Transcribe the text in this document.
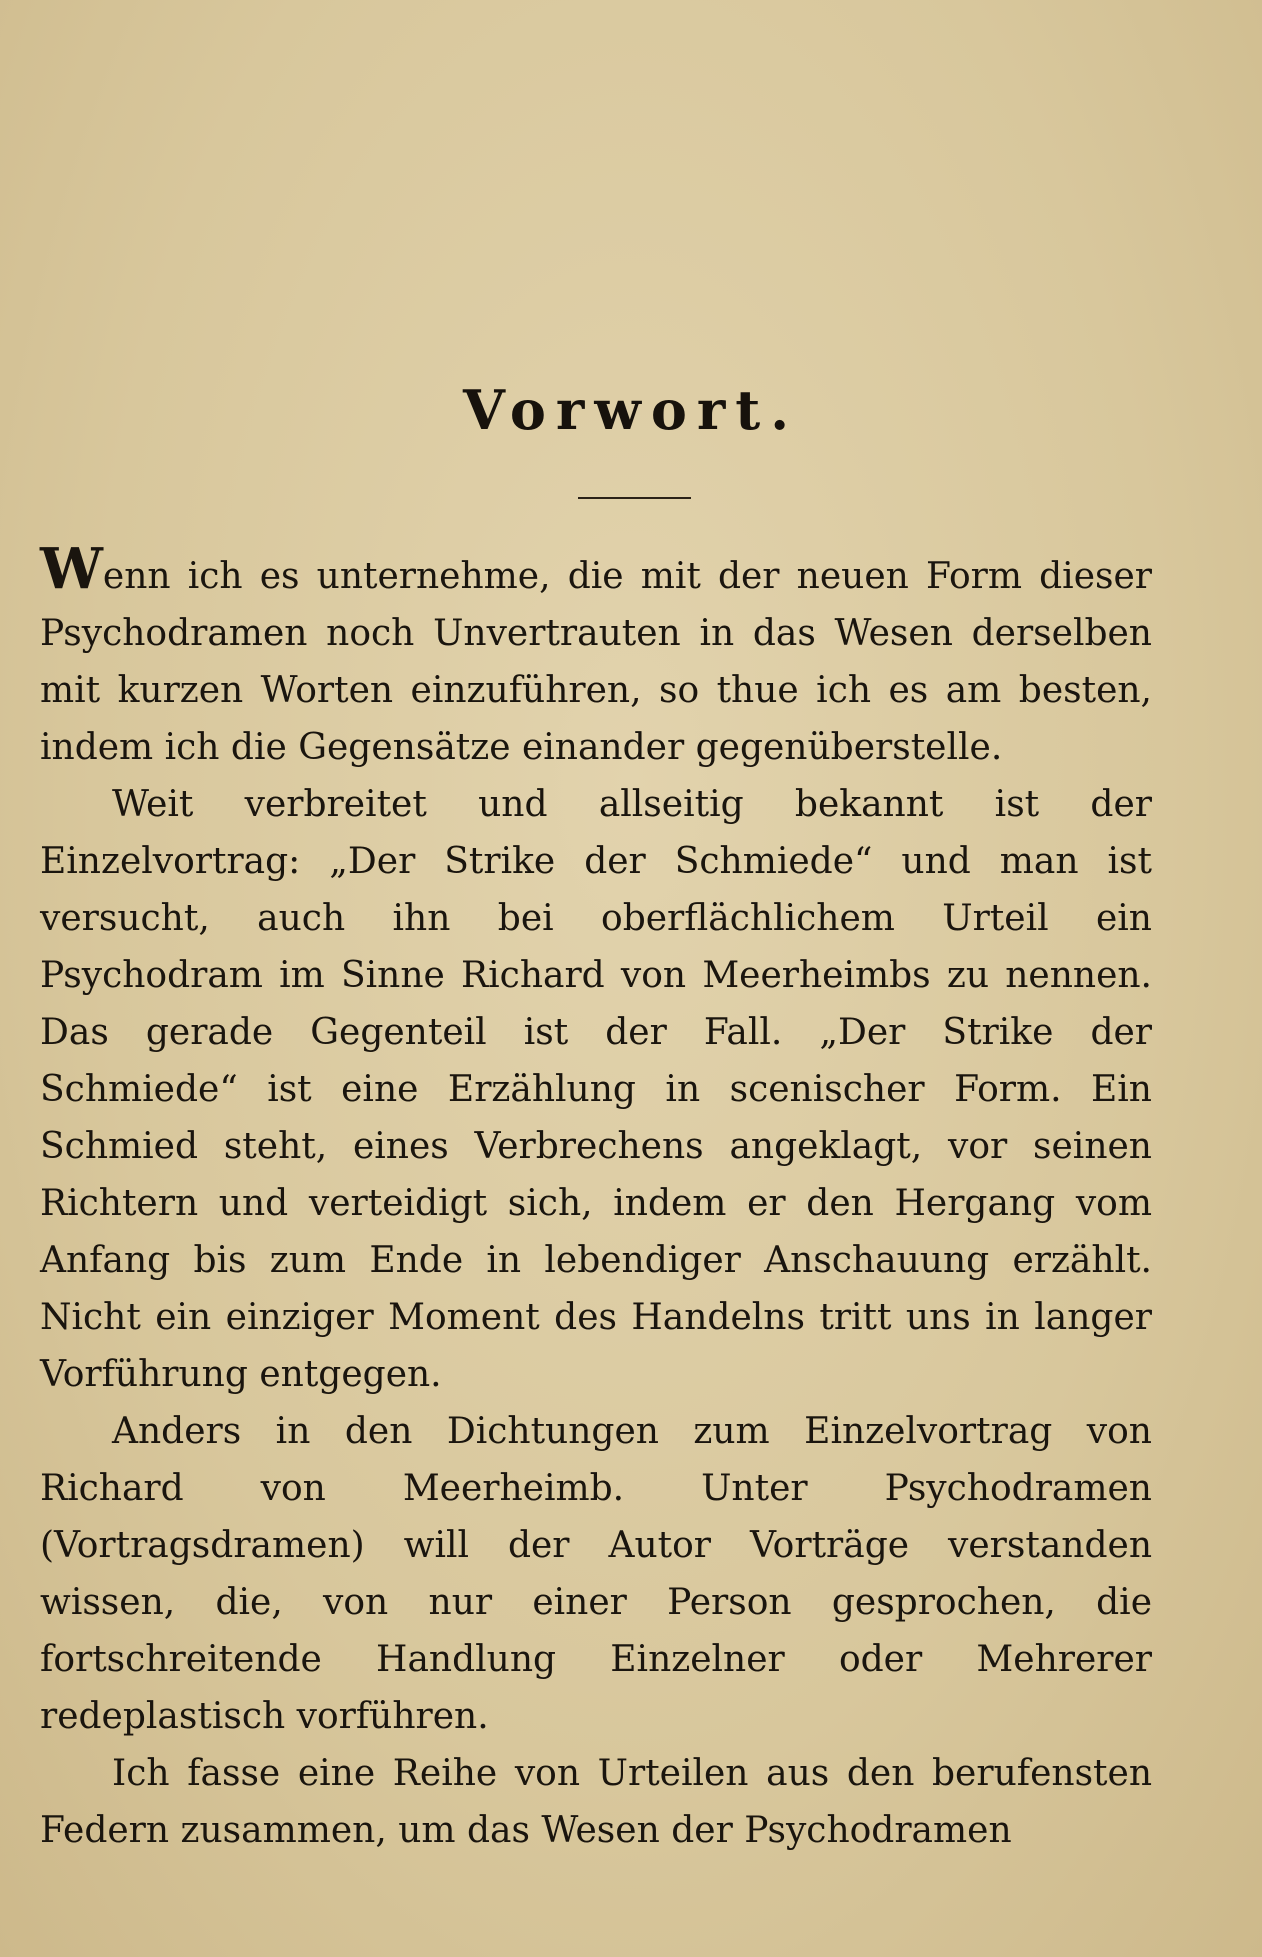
Vorwort.

Wenn ich es unternehme, die mit der neuen Form dieser Psychodramen noch Unvertrauten in das Wesen derselben mit kurzen Worten einzuführen, so thue ich es am besten, indem ich die Gegensätze einander gegenüberstelle.

Weit verbreitet und allseitig bekannt ist der Einzelvortrag: „Der Strike der Schmiede“ und man ist versucht, auch ihn bei oberflächlichem Urteil ein Psychodram im Sinne Richard von Meerheimbs zu nennen. Das gerade Gegenteil ist der Fall. „Der Strike der Schmiede“ ist eine Erzählung in scenischer Form. Ein Schmied steht, eines Verbrechens angeklagt, vor seinen Richtern und verteidigt sich, indem er den Hergang vom Anfang bis zum Ende in lebendiger Anschauung erzählt. Nicht ein einziger Moment des Handelns tritt uns in langer Vorführung entgegen.

Anders in den Dichtungen zum Einzelvortrag von Richard von Meerheimb. Unter Psychodramen (Vortragsdramen) will der Autor Vorträge verstanden wissen, die, von nur einer Person gesprochen, die fortschreitende Handlung Einzelner oder Mehrerer redeplastisch vorführen.

Ich fasse eine Reihe von Urteilen aus den berufensten Federn zusammen, um das Wesen der Psychodramen
